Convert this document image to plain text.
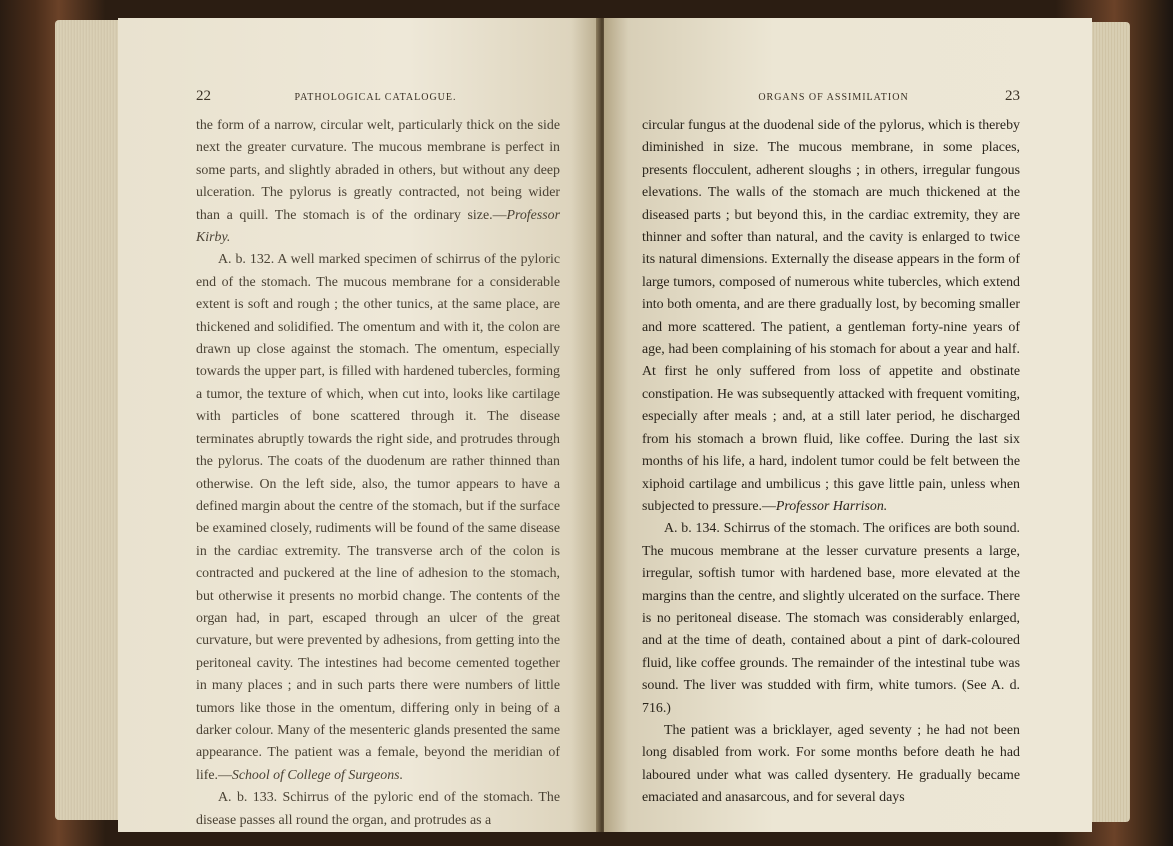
22	PATHOLOGICAL CATALOGUE.

the form of a narrow, circular welt, particularly thick on the side next the greater curvature. The mucous membrane is perfect in some parts, and slightly abraded in others, but without any deep ulceration. The pylorus is greatly contracted, not being wider than a quill. The stomach is of the ordinary size.—Professor Kirby.

A. b. 132. A well marked specimen of schirrus of the pyloric end of the stomach. The mucous membrane for a considerable extent is soft and rough ; the other tunics, at the same place, are thickened and solidified. The omentum and with it, the colon are drawn up close against the stomach. The omentum, especially towards the upper part, is filled with hardened tubercles, forming a tumor, the texture of which, when cut into, looks like cartilage with particles of bone scattered through it. The disease terminates abruptly towards the right side, and protrudes through the pylorus. The coats of the duodenum are rather thinned than otherwise. On the left side, also, the tumor appears to have a defined margin about the centre of the stomach, but if the surface be examined closely, rudiments will be found of the same disease in the cardiac extremity. The transverse arch of the colon is contracted and puckered at the line of adhesion to the stomach, but otherwise it presents no morbid change. The contents of the organ had, in part, escaped through an ulcer of the great curvature, but were prevented by adhesions, from getting into the peritoneal cavity. The intestines had become cemented together in many places ; and in such parts there were numbers of little tumors like those in the omentum, differing only in being of a darker colour. Many of the mesenteric glands presented the same appearance. The patient was a female, beyond the meridian of life.—School of College of Surgeons.

A. b. 133. Schirrus of the pyloric end of the stomach. The disease passes all round the organ, and protrudes as a

ORGANS OF ASSIMILATION	23

circular fungus at the duodenal side of the pylorus, which is thereby diminished in size. The mucous membrane, in some places, presents flocculent, adherent sloughs ; in others, irregular fungous elevations. The walls of the stomach are much thickened at the diseased parts ; but beyond this, in the cardiac extremity, they are thinner and softer than natural, and the cavity is enlarged to twice its natural dimensions. Externally the disease appears in the form of large tumors, composed of numerous white tubercles, which extend into both omenta, and are there gradually lost, by becoming smaller and more scattered. The patient, a gentleman forty-nine years of age, had been complaining of his stomach for about a year and half. At first he only suffered from loss of appetite and obstinate constipation. He was subsequently attacked with frequent vomiting, especially after meals ; and, at a still later period, he discharged from his stomach a brown fluid, like coffee. During the last six months of his life, a hard, indolent tumor could be felt between the xiphoid cartilage and umbilicus ; this gave little pain, unless when subjected to pressure.—Professor Harrison.

A. b. 134. Schirrus of the stomach. The orifices are both sound. The mucous membrane at the lesser curvature presents a large, irregular, softish tumor with hardened base, more elevated at the margins than the centre, and slightly ulcerated on the surface. There is no peritoneal disease. The stomach was considerably enlarged, and at the time of death, contained about a pint of dark-coloured fluid, like coffee grounds. The remainder of the intestinal tube was sound. The liver was studded with firm, white tumors. (See A. d. 716.)

The patient was a bricklayer, aged seventy ; he had not been long disabled from work. For some months before death he had laboured under what was called dysentery. He gradually became emaciated and anasarcous, and for several days
